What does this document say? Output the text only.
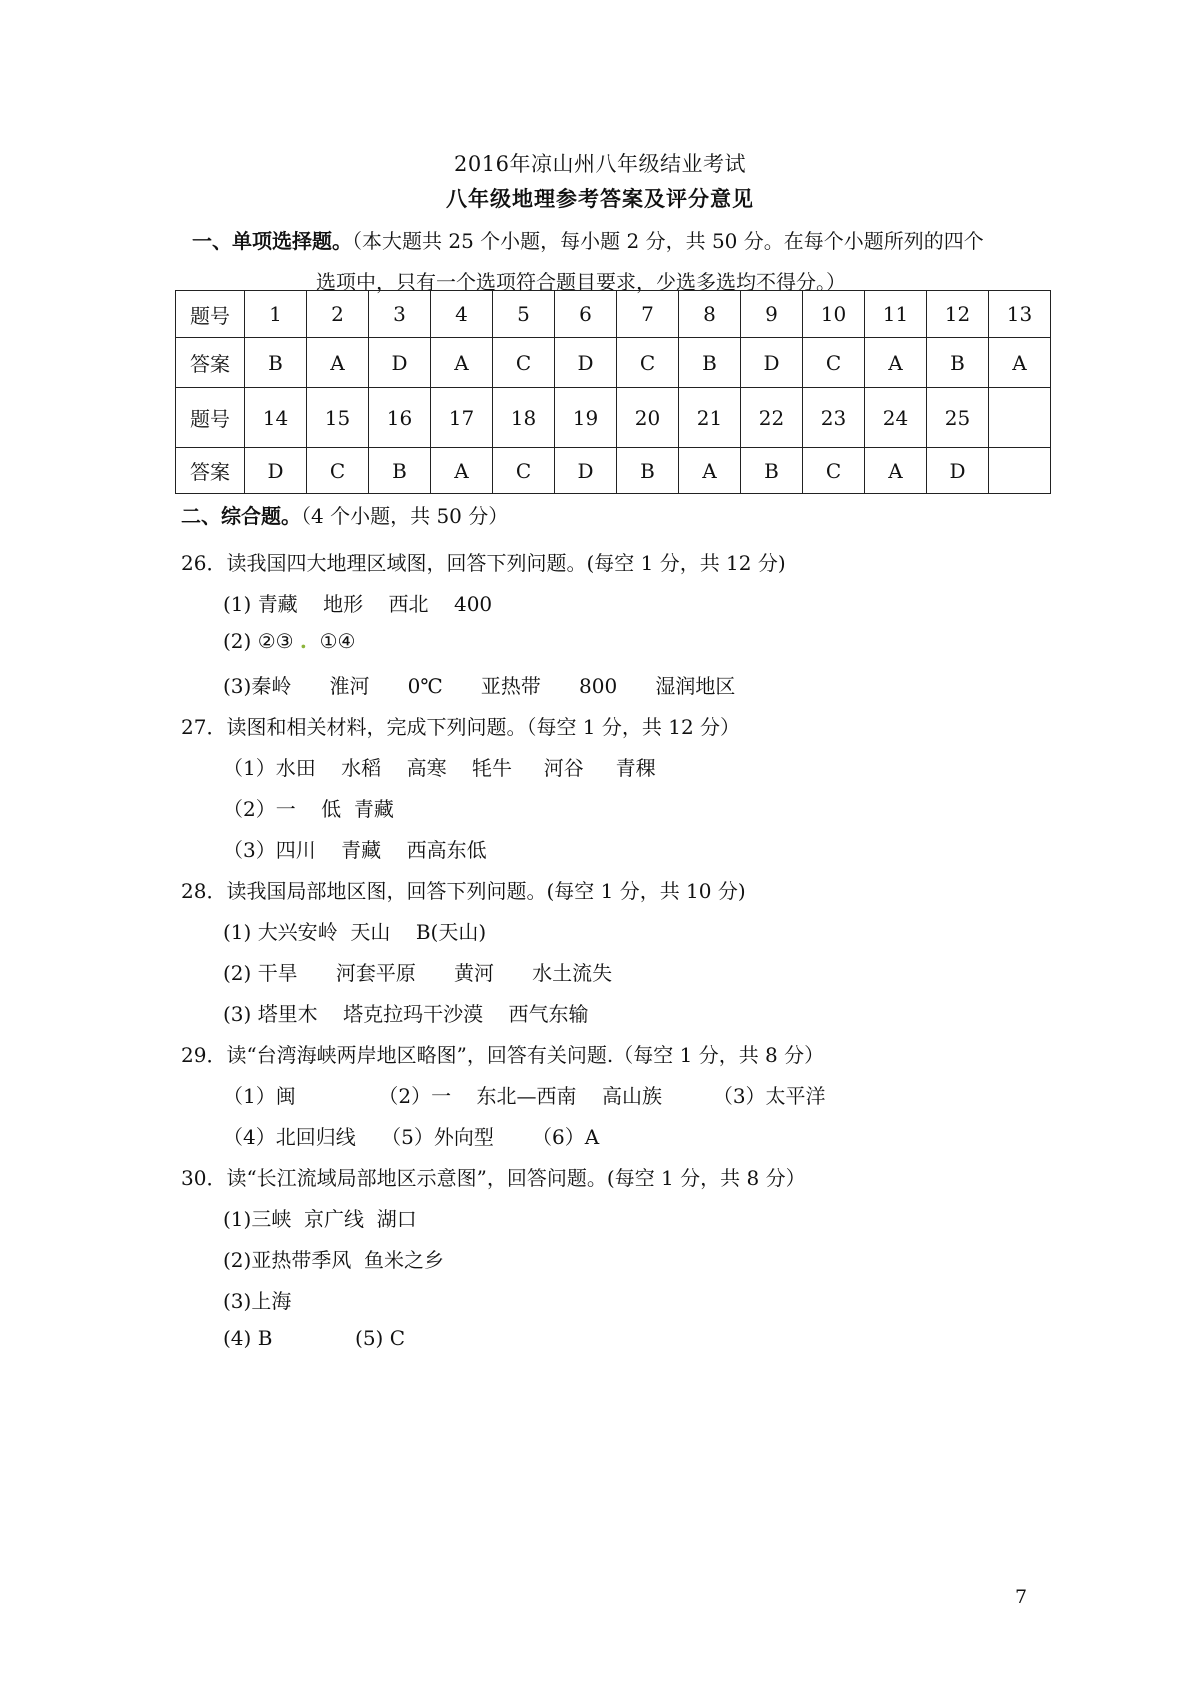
2016年凉山州八年级结业考试
八年级地理参考答案及评分意见
一、单项选择题。（本大题共 25 个小题，每小题 2 分，共 50 分。在每个小题所列的四个
选项中，只有一个选项符合题目要求，少选多选均不得分。）
题号	1	2	3	4	5	6	7	8	9	10	11	12	13
答案	B	A	D	A	C	D	C	B	D	C	A	B	A
题号	14	15	16	17	18	19	20	21	22	23	24	25	
答案	D	C	B	A	C	D	B	A	B	C	A	D	
二、综合题。（4 个小题，共 50 分）
26．读我国四大地理区域图，回答下列问题。(每空 1 分，共 12 分)
(1) 青藏    地形    西北    400
(2) ②③ .  ①④
(3)秦岭      淮河      0℃      亚热带      800      湿润地区
27．读图和相关材料，完成下列问题。（每空 1 分，共 12 分）
（1）水田    水稻    高寒    牦牛     河谷     青稞
（2）一    低  青藏
（3）四川    青藏    西高东低
28．读我国局部地区图，回答下列问题。(每空 1 分，共 10 分)
(1) 大兴安岭  天山    B(天山)
(2) 干旱      河套平原      黄河      水土流失
(3) 塔里木    塔克拉玛干沙漠    西气东输
29．读“台湾海峡两岸地区略图”，回答有关问题.（每空 1 分，共 8 分）
（1）闽             （2）一    东北—西南    高山族        （3）太平洋
（4）北回归线    （5）外向型      （6）A
30．读“长江流域局部地区示意图”，回答问题。(每空 1 分，共 8 分）
(1)三峡  京广线  湖口
(2)亚热带季风  鱼米之乡
(3)上海
(4) B             (5) C
7
